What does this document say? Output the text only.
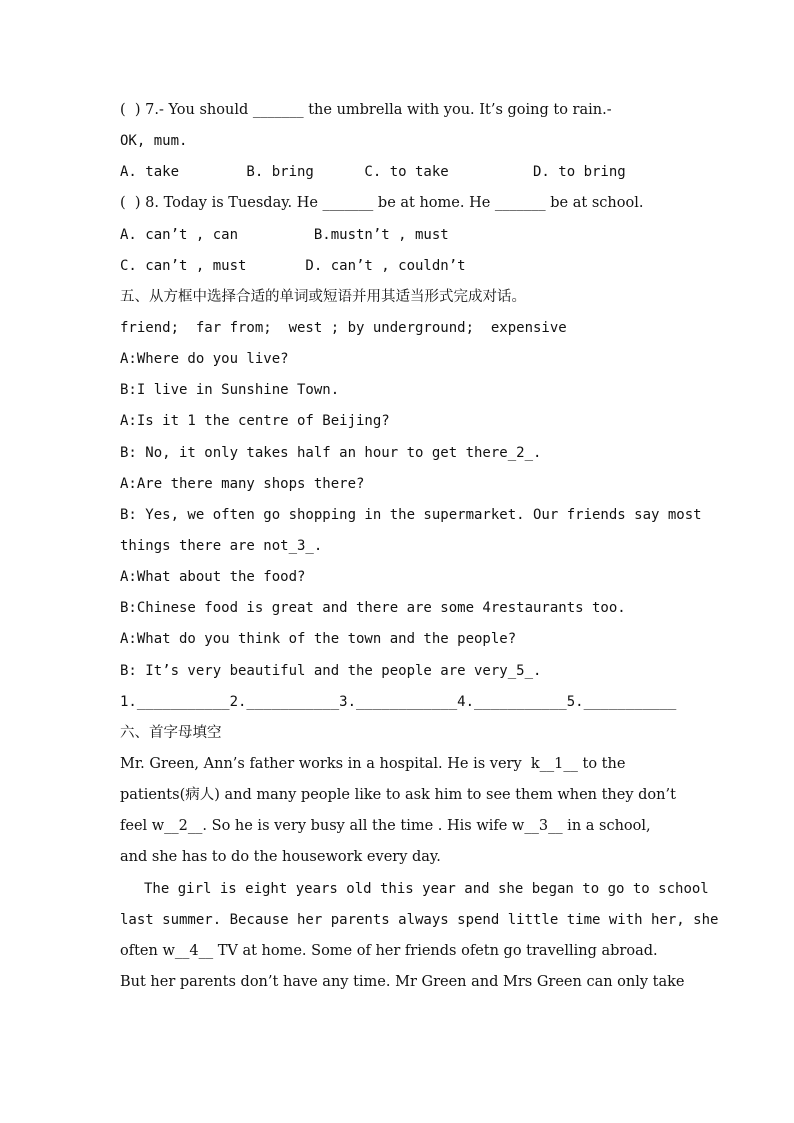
(  ) 7.- You should _______ the umbrella with you. It’s going to rain.-
OK, mum.
A. take        B. bring      C. to take          D. to bring
(  ) 8. Today is Tuesday. He _______ be at home. He _______ be at school.
A. can’t , can         B.mustn’t , must
C. can’t , must       D. can’t , couldn’t
五、从方框中选择合适的单词或短语并用其适当形式完成对话。
friend;  far from;  west ; by underground;  expensive
A:Where do you live?
B:I live in Sunshine Town.
A:Is it 1 the centre of Beijing?
B: No, it only takes half an hour to get there_2_.
A:Are there many shops there?
B: Yes, we often go shopping in the supermarket. Our friends say most
things there are not_3_.
A:What about the food?
B:Chinese food is great and there are some 4restaurants too.
A:What do you think of the town and the people?
B: It’s very beautiful and the people are very_5_.
1.___________2.___________3.____________4.___________5.___________
六、首字母填空
Mr. Green, Ann’s father works in a hospital. He is very  k__1__ to the
patients(病人) and many people like to ask him to see them when they don’t
feel w__2__. So he is very busy all the time . His wife w__3__ in a school,
and she has to do the housework every day.
The girl is eight years old this year and she began to go to school
last summer. Because her parents always spend little time with her, she
often w__4__ TV at home. Some of her friends ofetn go travelling abroad.
But her parents don’t have any time. Mr Green and Mrs Green can only take
